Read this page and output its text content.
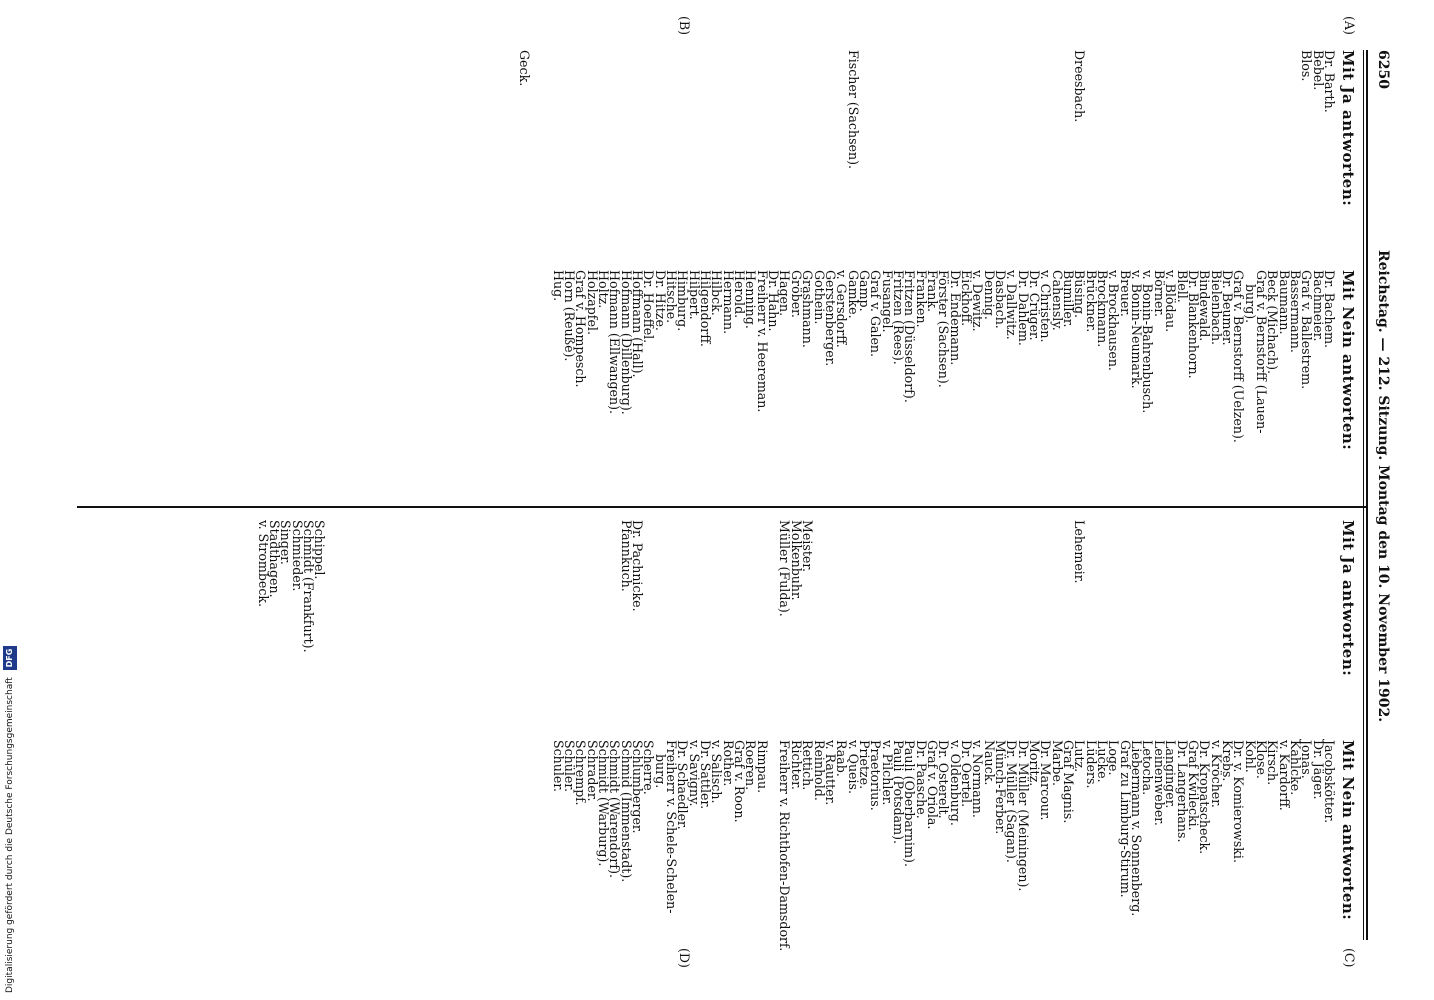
6250
Reichstag. — 212. Sitzung. Montag den 10. November 1902.
(A)
(B)
(C)
(D)
Mit Ja antworten:
Mit Nein antworten:
Dr. Barth.
Bebel.
Blos.
Dreesbach.
Fischer (Sachsen).
Geck.
Dr. Bachem.
Bachmeier.
Graf v. Ballestrem.
Bassermann.
Baumann.
Beck (Michach).
Graf v. Bernstorff (Lauen-
burg).
Graf v. Bernstorff (Uelzen).
Dr. Beumer.
Bielenbach.
Bindewald.
Dr. Blankenhorn.
Blell.
v. Blödau.
Börner.
v. Bonin-Bahrenbusch.
v. Bonin-Neumark.
Breuer.
v. Brockhausen.
Brockmann.
Brückner.
Büsing.
Bumiller.
Cahensly.
v. Christen.
Dr. Crüger.
Dr. Dahlem.
v. Dallwitz.
Dasbach.
Dennig.
v. Dewitz.
Eickhoff.
Dr. Endemann.
Förster (Sachsen).
Frank.
Franken.
Fritzen (Düsseldorf).
Fritzen (Rees).
Fusangel.
Graf v. Galen.
Gamp.
Gamke.
v. Gersdorff.
Gerstenberger.
Gothein.
Grashmann.
Gröber.
Hagen.
Dr. Hahn.
Freiherr v. Heereman.
Henning.
Herold.
Hermann.
Hilbck.
Hilgendorff.
Hilpert.
Himburg.
Hitsche.
Dr. Hitze.
Dr. Hoeffel.
Hoffmann (Hall).
Hofmann (Dillenburg).
Hofmann (Ellwangen).
Holtz.
Holzapfel.
Graf v. Hompesch.
Horn (Reuße).
Hug.
Mit Ja antworten:
Mit Nein antworten:
Lehemeir.
Meister.
Molkenbuhr.
Müller (Fulda).
Dr. Pachnicke.
Pfannkuch.
Schippel.
Schmidt (Frankfurt).
Schmieder.
Singer.
Stadthagen.
v. Strombeck.
Jacobskötter.
Dr. Jäger.
Jonas.
Kahlcke.
v. Kardorff.
Kirsch.
Klose.
Kohl.
Dr. v. Komierowski.
Krebs.
v. Kröcher.
Dr. Kropatscheck.
Graf Kwilecki.
Dr. Langerhans.
Langinger.
Leinenweber.
Letocha.
Liebermann v. Sonnenberg.
Graf zu Limburg-Stirum.
Loge.
Lucke.
Lüders.
Lutz.
Graf Magnis.
Marbe.
Dr. Marcour.
Moritz.
Dr. Müller (Meiningen).
Dr. Müller (Sagan).
Münch-Ferber.
Nauck.
v. Normann.
Dr. Oertel.
v. Oldenburg.
Dr. Osterelt.
Graf v. Oriola.
Dr. Paasche.
Pauli (Oberbarnim).
Pauli (Potsdam).
v. Pilchler.
Praetorius.
Prietze.
v. Queis.
Raab.
v. Rautter.
Reinhold.
Rettich.
Richter.
Freiherr v. Richthofen-Damsdorf.
Rimpau.
Roeren.
Graf v. Roon.
Rother.
v. Salisch.
Dr. Sattler.
v. Savigny.
Dr. Schaedler.
Freiherr v. Schele-Schelen-
burg.
Scherre.
Schlumberger.
Schmid (Immenstadt).
Schmidt (Warendorf).
Schmidt (Warburg).
Schrader.
Schrempf.
Schüler.
Schuler.
Digitalisierung gefördert durch die Deutsche Forschungsgemeinschaft DFG
